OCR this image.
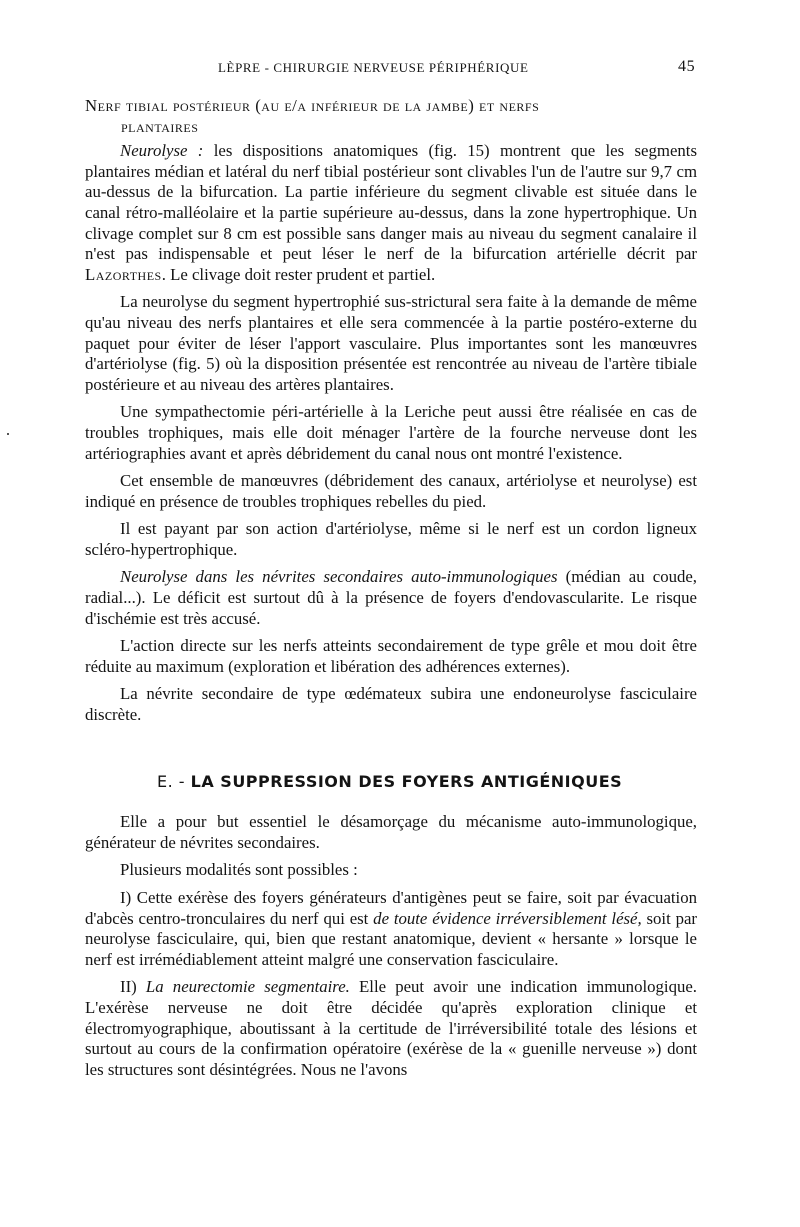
LÈPRE - CHIRURGIE NERVEUSE PÉRIPHÉRIQUE	45

Nerf tibial postérieur (au e/a inférieur de la jambe) et nerfs
plantaires

Neurolyse : les dispositions anatomiques (fig. 15) montrent que les segments plantaires médian et latéral du nerf tibial postérieur sont clivables l'un de l'autre sur 9,7 cm au-dessus de la bifurcation. La partie inférieure du segment clivable est située dans le canal rétro-malléolaire et la partie supérieure au-dessus, dans la zone hypertrophique. Un clivage complet sur 8 cm est possible sans danger mais au niveau du segment canalaire il n'est pas indispensable et peut léser le nerf de la bifurcation artérielle décrit par Lazorthes. Le clivage doit rester prudent et partiel.

La neurolyse du segment hypertrophié sus-strictural sera faite à la demande de même qu'au niveau des nerfs plantaires et elle sera commencée à la partie postéro-externe du paquet pour éviter de léser l'apport vasculaire. Plus importantes sont les manœuvres d'artériolyse (fig. 5) où la disposition présentée est rencontrée au niveau de l'artère tibiale postérieure et au niveau des artères plantaires.

Une sympathectomie péri-artérielle à la Leriche peut aussi être réalisée en cas de troubles trophiques, mais elle doit ménager l'artère de la fourche nerveuse dont les artériographies avant et après débridement du canal nous ont montré l'existence.

Cet ensemble de manœuvres (débridement des canaux, artériolyse et neurolyse) est indiqué en présence de troubles trophiques rebelles du pied.

Il est payant par son action d'artériolyse, même si le nerf est un cordon ligneux scléro-hypertrophique.

Neurolyse dans les névrites secondaires auto-immunologiques (médian au coude, radial...). Le déficit est surtout dû à la présence de foyers d'endovascularite. Le risque d'ischémie est très accusé.

L'action directe sur les nerfs atteints secondairement de type grêle et mou doit être réduite au maximum (exploration et libération des adhérences externes).

La névrite secondaire de type œdémateux subira une endoneurolyse fasciculaire discrète.

E. - LA SUPPRESSION DES FOYERS ANTIGÉNIQUES

Elle a pour but essentiel le désamorçage du mécanisme auto-immunologique, générateur de névrites secondaires.

Plusieurs modalités sont possibles :

I) Cette exérèse des foyers générateurs d'antigènes peut se faire, soit par évacuation d'abcès centro-tronculaires du nerf qui est de toute évidence irréversiblement lésé, soit par neurolyse fasciculaire, qui, bien que restant anatomique, devient « hersante » lorsque le nerf est irrémédiablement atteint malgré une conservation fasciculaire.

II) La neurectomie segmentaire. Elle peut avoir une indication immunologique. L'exérèse nerveuse ne doit être décidée qu'après exploration clinique et électromyographique, aboutissant à la certitude de l'irréversibilité totale des lésions et surtout au cours de la confirmation opératoire (exérèse de la « guenille nerveuse ») dont les structures sont désintégrées. Nous ne l'avons
